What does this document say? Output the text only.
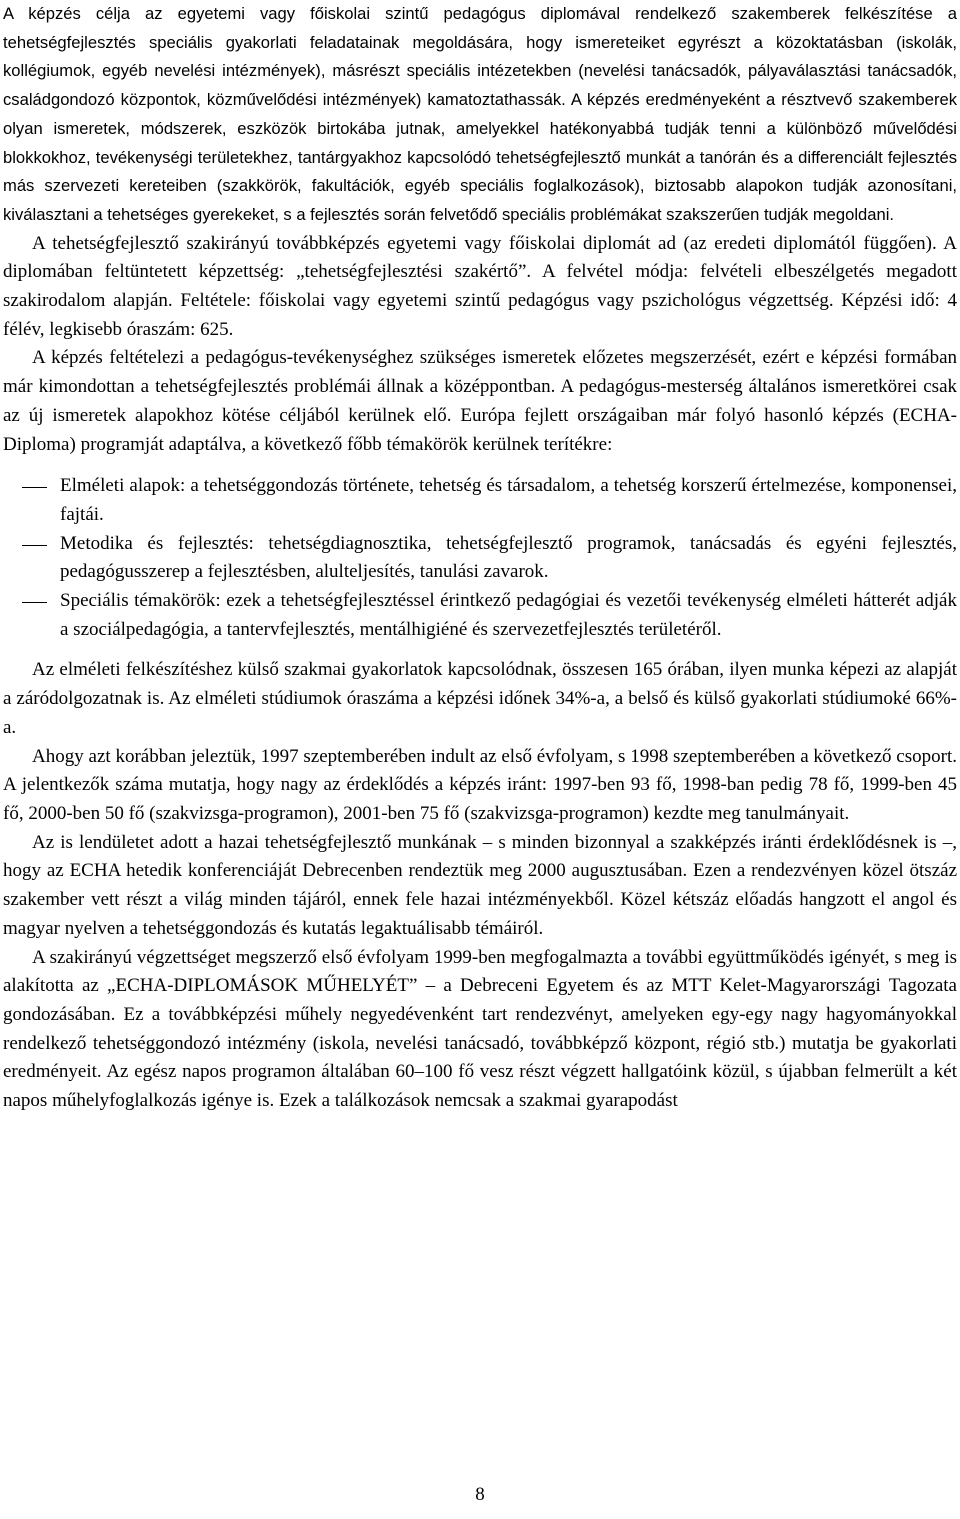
A képzés célja az egyetemi vagy főiskolai szintű pedagógus diplomával rendelkező szakemberek felkészítése a tehetségfejlesztés speciális gyakorlati feladatainak megoldására, hogy ismereteiket egyrészt a közoktatásban (iskolák, kollégiumok, egyéb nevelési intézmények), másrészt speciális intézetekben (nevelési tanácsadók, pályaválasztási tanácsadók, családgondozó központok, közművelődési intézmények) kamatoztathassák. A képzés eredményeként a résztvevő szakemberek olyan ismeretek, módszerek, eszközök birtokába jutnak, amelyekkel hatékonyabbá tudják tenni a különböző művelődési blokkokhoz, tevékenységi területekhez, tantárgyakhoz kapcsolódó tehetségfejlesztő munkát a tanórán és a differenciált fejlesztés más szervezeti kereteiben (szakkörök, fakultációk, egyéb speciális foglalkozások), biztosabb alapokon tudják azonosítani, kiválasztani a tehetséges gyerekeket, s a fejlesztés során felvetődő speciális problémákat szakszerűen tudják megoldani.

A tehetségfejlesztő szakirányú továbbképzés egyetemi vagy főiskolai diplomát ad (az eredeti diplomától függően). A diplomában feltüntetett képzettség: „tehetségfejlesztési szakértő”. A felvétel módja: felvételi elbeszélgetés megadott szakirodalom alapján. Feltétele: főiskolai vagy egyetemi szintű pedagógus vagy pszichológus végzettség. Képzési idő: 4 félév, legkisebb óraszám: 625.

A képzés feltételezi a pedagógus-tevékenységhez szükséges ismeretek előzetes megszerzését, ezért e képzési formában már kimondottan a tehetségfejlesztés problémái állnak a középpontban. A pedagógus-mesterség általános ismeretkörei csak az új ismeretek alapokhoz kötése céljából kerülnek elő. Európa fejlett országaiban már folyó hasonló képzés (ECHA-Diploma) programját adaptálva, a következő főbb témakörök kerülnek terítékre:

Elméleti alapok: a tehetséggondozás története, tehetség és társadalom, a tehetség korszerű értelmezése, komponensei, fajtái.
Metodika és fejlesztés: tehetségdiagnosztika, tehetségfejlesztő programok, tanácsadás és egyéni fejlesztés, pedagógusszerep a fejlesztésben, alulteljesítés, tanulási zavarok.
Speciális témakörök: ezek a tehetségfejlesztéssel érintkező pedagógiai és vezetői tevékenység elméleti hátterét adják a szociálpedagógia, a tantervfejlesztés, mentálhigiéné és szervezetfejlesztés területéről.

Az elméleti felkészítéshez külső szakmai gyakorlatok kapcsolódnak, összesen 165 órában, ilyen munka képezi az alapját a záródolgozatnak is. Az elméleti stúdiumok óraszáma a képzési időnek 34%-a, a belső és külső gyakorlati stúdiumoké 66%-a.

Ahogy azt korábban jeleztük, 1997 szeptemberében indult az első évfolyam, s 1998 szeptemberében a következő csoport. A jelentkezők száma mutatja, hogy nagy az érdeklődés a képzés iránt: 1997-ben 93 fő, 1998-ban pedig 78 fő, 1999-ben 45 fő, 2000-ben 50 fő (szakvizsga-programon), 2001-ben 75 fő (szakvizsga-programon) kezdte meg tanulmányait.

Az is lendületet adott a hazai tehetségfejlesztő munkának – s minden bizonnyal a szakképzés iránti érdeklődésnek is –, hogy az ECHA hetedik konferenciáját Debrecenben rendeztük meg 2000 augusztusában. Ezen a rendezvényen közel ötszáz szakember vett részt a világ minden tájáról, ennek fele hazai intézményekből. Közel kétszáz előadás hangzott el angol és magyar nyelven a tehetséggondozás és kutatás legaktuálisabb témáiról.

A szakirányú végzettséget megszerző első évfolyam 1999-ben megfogalmazta a további együttműködés igényét, s meg is alakította az „ECHA-DIPLOMÁSOK MŰHELYÉT” – a Debreceni Egyetem és az MTT Kelet-Magyarországi Tagozata gondozásában. Ez a továbbképzési műhely negyedévenként tart rendezvényt, amelyeken egy-egy nagy hagyományokkal rendelkező tehetséggondozó intézmény (iskola, nevelési tanácsadó, továbbképző központ, régió stb.) mutatja be gyakorlati eredményeit. Az egész napos programon általában 60–100 fő vesz részt végzett hallgatóink közül, s újabban felmerült a két napos műhelyfoglalkozás igénye is. Ezek a találkozások nemcsak a szakmai gyarapodást

8
